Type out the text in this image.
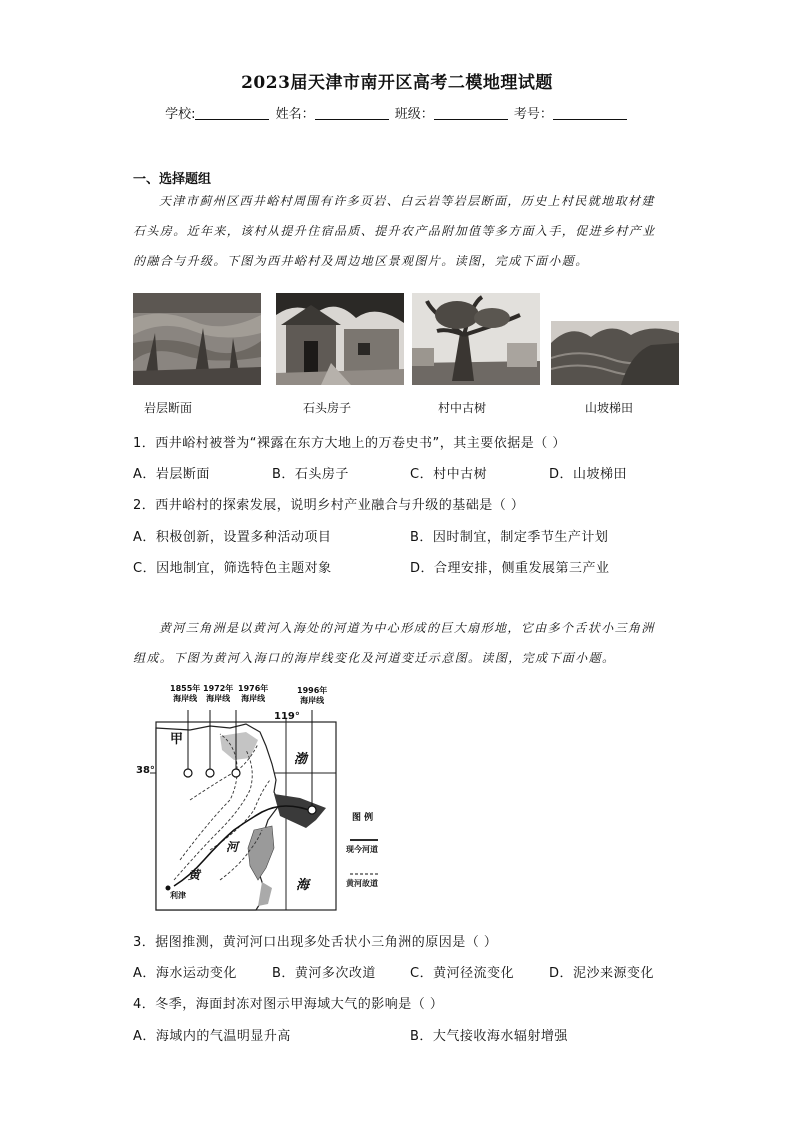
2023届天津市南开区高考二模地理试题
学校:	姓名：	班级：	考号：
一、选择题组
天津市蓟州区西井峪村周围有许多页岩、白云岩等岩层断面，历史上村民就地取材建石头房。近年来，该村从提升住宿品质、提升农产品附加值等多方面入手，促进乡村产业的融合与升级。下图为西井峪村及周边地区景观图片。读图，完成下面小题。
岩层断面	石头房子	村中古树	山坡梯田
1．西井峪村被誉为“裸露在东方大地上的万卷史书”，其主要依据是（ ）
A．岩层断面	B．石头房子	C．村中古树	D．山坡梯田
2．西井峪村的探索发展，说明乡村产业融合与升级的基础是（ ）
A．积极创新，设置多种活动项目	B．因时制宜，制定季节生产计划
C．因地制宜，筛选特色主题对象	D．合理安排，侧重发展第三产业
黄河三角洲是以黄河入海处的河道为中心形成的巨大扇形地，它由多个舌状小三角洲组成。下图为黄河入海口的海岸线变化及河道变迁示意图。读图，完成下面小题。
1855年
海岸线
1972年
海岸线
1976年
海岸线
1996年
海岸线
119°
38°
甲
渤
海
河
黄
利津
图 例
现今河道
黄河故道
3．据图推测，黄河河口出现多处舌状小三角洲的原因是（ ）
A．海水运动变化	B．黄河多次改道	C．黄河径流变化	D．泥沙来源变化
4．冬季，海面封冻对图示甲海域大气的影响是（ ）
A．海域内的气温明显升高	B．大气接收海水辐射增强
